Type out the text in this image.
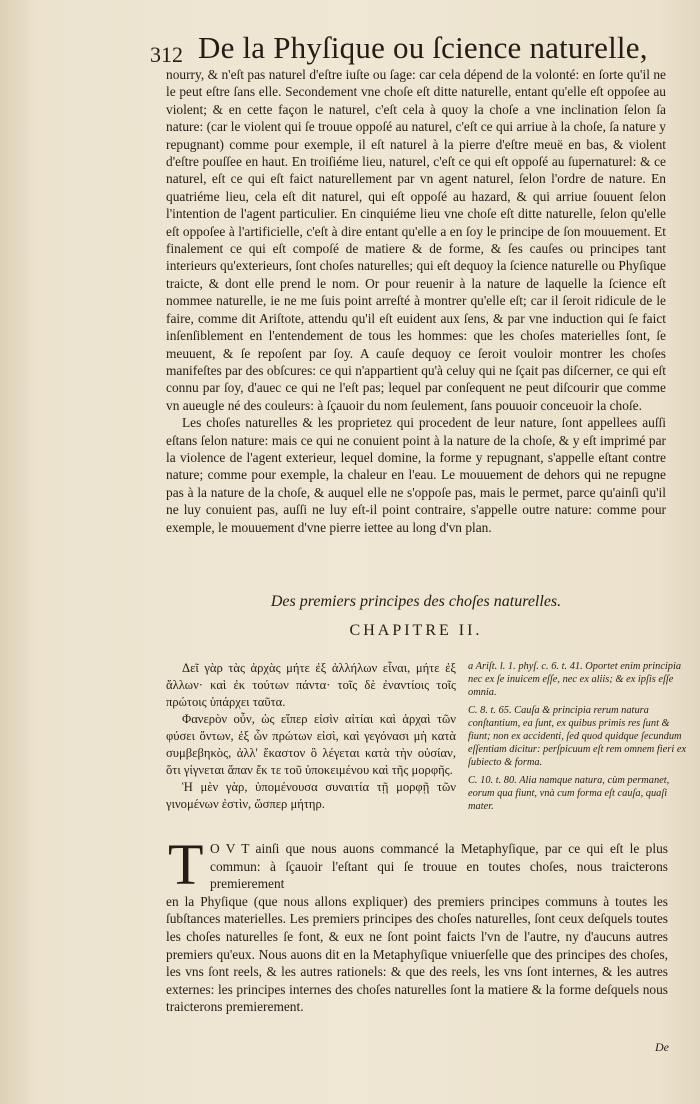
312 De la Phyſique ou ſcience naturelle,

nourry, & n'eſt pas naturel d'eſtre iuſte ou ſage: car cela dépend de la volonté: en ſorte qu'il ne le peut eſtre ſans elle. Secondement vne choſe eſt ditte naturelle, entant qu'elle eſt oppoſee au violent; & en cette façon le naturel, c'eſt cela à quoy la choſe a vne inclination ſelon ſa nature: (car le violent qui ſe trouue oppoſé au naturel, c'eſt ce qui arriue à la choſe, ſa nature y repugnant) comme pour exemple, il eſt naturel à la pierre d'eſtre meuë en bas, & violent d'eſtre pouſſee en haut. En troiſiéme lieu, naturel, c'eſt ce qui eſt oppoſé au ſupernaturel: & ce naturel, eſt ce qui eſt faict naturellement par vn agent naturel, ſelon l'ordre de nature. En quatriéme lieu, cela eſt dit naturel, qui eſt oppoſé au hazard, & qui arriue ſouuent ſelon l'intention de l'agent particulier. En cinquiéme lieu vne choſe eſt ditte naturelle, ſelon qu'elle eſt oppoſee à l'artificielle, c'eſt à dire entant qu'elle a en ſoy le principe de ſon mouuement. Et finalement ce qui eſt compoſé de matiere & de forme, & ſes cauſes ou principes tant interieurs qu'exterieurs, ſont choſes naturelles; qui eſt dequoy la ſcience naturelle ou Phyſique traicte, & dont elle prend le nom. Or pour reuenir à la nature de laquelle la ſcience eſt nommee naturelle, ie ne me ſuis point arreſté à montrer qu'elle eſt; car il ſeroit ridicule de le faire, comme dit Ariſtote, attendu qu'il eſt euident aux ſens, & par vne induction qui ſe faict inſenſiblement en l'entendement de tous les hommes: que les choſes materielles ſont, ſe meuuent, & ſe repoſent par ſoy. A cauſe dequoy ce ſeroit vouloir montrer les choſes manifeſtes par des obſcures: ce qui n'appartient qu'à celuy qui ne ſçait pas diſcerner, ce qui eſt connu par ſoy, d'auec ce qui ne l'eſt pas; lequel par conſequent ne peut diſcourir que comme vn aueugle né des couleurs: à ſçauoir du nom ſeulement, ſans pouuoir conceuoir la choſe.

Les choſes naturelles & les proprietez qui procedent de leur nature, ſont appellees auſſi eſtans ſelon nature: mais ce qui ne conuient point à la nature de la choſe, & y eſt imprimé par la violence de l'agent exterieur, lequel domine, la forme y repugnant, s'appelle eſtant contre nature; comme pour exemple, la chaleur en l'eau. Le mouuement de dehors qui ne repugne pas à la nature de la choſe, & auquel elle ne s'oppoſe pas, mais le permet, parce qu'ainſi qu'il ne luy conuient pas, auſſi ne luy eſt-il point contraire, s'appelle outre nature: comme pour exemple, le mouuement d'vne pierre iettee au long d'vn plan.

Des premiers principes des choſes naturelles.
CHAPITRE II.

Δεῖ γὰρ τὰς ἀρχὰς μήτε ἐξ ἀλλήλων εἶναι, μήτε ἐξ ἄλλων· καὶ ἐκ τούτων πάντα· τοῖς δὲ ἐναντίοις τοῖς πρώτοις ὑπάρχει ταῦτα.

Φανερὸν οὖν, ὡς εἴπερ εἰσὶν αἰτίαι καὶ ἀρχαὶ τῶν φύσει ὄντων, ἐξ ὧν πρώτων εἰσὶ, καὶ γεγόνασι μὴ κατὰ συμβεβηκὸς, ἀλλ' ἕκαστον ὃ λέγεται κατὰ τὴν οὐσίαν, ὅτι γίγνεται ἅπαν ἔκ τε τοῦ ὑποκειμένου καὶ τῆς μορφῆς.

Ἡ μὲν γὰρ, ὑπομένουσα συναιτία τῇ μορφῇ τῶν γινομένων ἐστὶν, ὥσπερ μήτηρ.

a Ariſt. l. 1. phyſ. c. 6. t. 41. Oportet enim principia nec ex ſe inuicem eſſe, nec ex aliis; & ex ipſis eſſe omnia.

C. 8. t. 65. Cauſa & principia rerum natura conſtantium, ea ſunt, ex quibus primis res ſunt & fiunt; non ex accidenti, ſed quod quidque ſecundum eſſentiam dicitur: perſpicuum eſt rem omnem fieri ex ſubiecto & forma.

C. 10. t. 80. Alia namque natura, cùm permanet, eorum qua fiunt, vnà cum forma eſt cauſa, quaſi mater.

T O V T ainſi que nous auons commancé la Metaphyſique, par ce qui eſt le plus commun: à ſçauoir l'eſtant qui ſe trouue en toutes choſes, nous traicterons premierement
en la Phyſique (que nous allons expliquer) des premiers principes communs à toutes les ſubſtances materielles. Les premiers principes des choſes naturelles, ſont ceux deſquels toutes les choſes naturelles ſe font, & eux ne ſont point faicts l'vn de l'autre, ny d'aucuns autres premiers qu'eux. Nous auons dit en la Metaphyſique vniuerſelle que des principes des choſes, les vns ſont reels, & les autres rationels: & que des reels, les vns ſont internes, & les autres externes: les principes internes des choſes naturelles ſont la matiere & la forme deſquels nous traicterons premierement.

De
